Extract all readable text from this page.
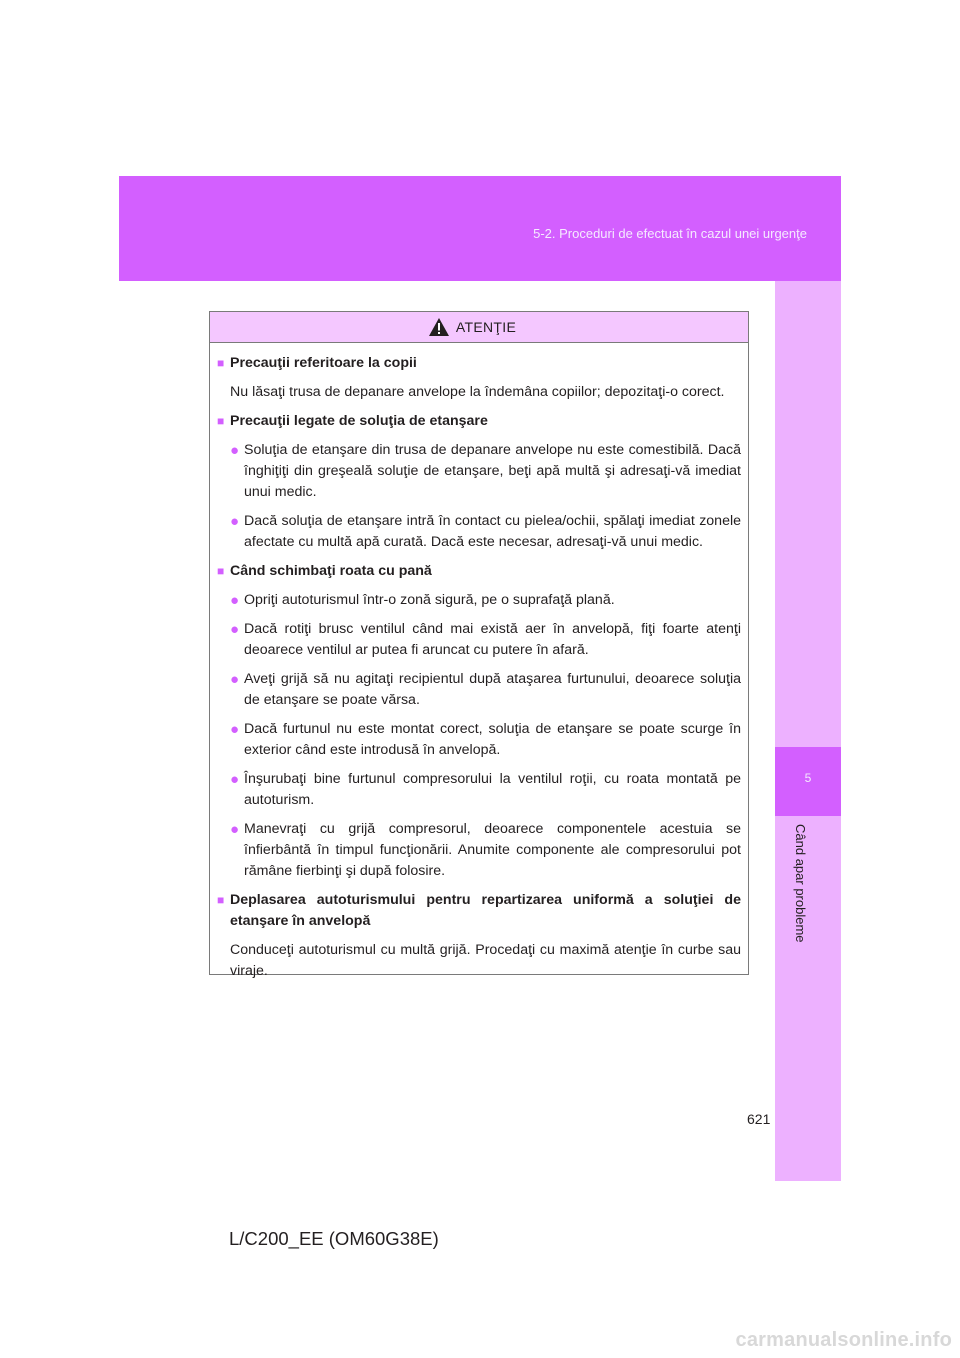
5-2. Proceduri de efectuat în cazul unei urgenţe
5
Când apar probleme
ATENŢIE
■ Precauţii referitoare la copii
Nu lăsaţi trusa de depanare anvelope la îndemâna copiilor; depozitaţi-o corect.
■ Precauţii legate de soluţia de etanşare
● Soluţia de etanşare din trusa de depanare anvelope nu este comestibilă. Dacă înghiţiţi din greşeală soluţie de etanşare, beţi apă multă şi adresaţi-vă imediat unui medic.
● Dacă soluţia de etanşare intră în contact cu pielea/ochii, spălaţi imediat zonele afectate cu multă apă curată. Dacă este necesar, adresaţi-vă unui medic.
■ Când schimbaţi roata cu pană
● Opriţi autoturismul într-o zonă sigură, pe o suprafaţă plană.
● Dacă rotiţi brusc ventilul când mai există aer în anvelopă, fiţi foarte atenţi deoarece ventilul ar putea fi aruncat cu putere în afară.
● Aveţi grijă să nu agitaţi recipientul după ataşarea furtunului, deoarece soluţia de etanşare se poate vărsa.
● Dacă furtunul nu este montat corect, soluţia de etanşare se poate scurge în exterior când este introdusă în anvelopă.
● Înşurubaţi bine furtunul compresorului la ventilul roţii, cu roata montată pe autoturism.
● Manevraţi cu grijă compresorul, deoarece componentele acestuia se înfierbântă în timpul funcţionării. Anumite componente ale compresorului pot rămâne fierbinţi şi după folosire.
■ Deplasarea autoturismului pentru repartizarea uniformă a soluţiei de etanşare în anvelopă
Conduceţi autoturismul cu multă grijă. Procedaţi cu maximă atenţie în curbe sau viraje.
621
L/C200_EE (OM60G38E)
carmanualsonline.info
